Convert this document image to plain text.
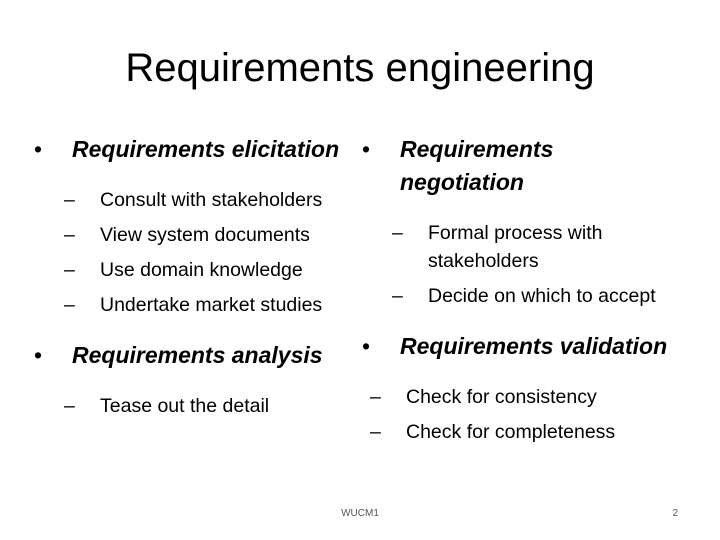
Requirements engineering
• Requirements elicitation
– Consult with stakeholders
– View system documents
– Use domain knowledge
– Undertake market studies
• Requirements analysis
– Tease out the detail
• Requirements negotiation
– Formal process with stakeholders
– Decide on which to accept
• Requirements validation
– Check for consistency
– Check for completeness
WUCM1	2
